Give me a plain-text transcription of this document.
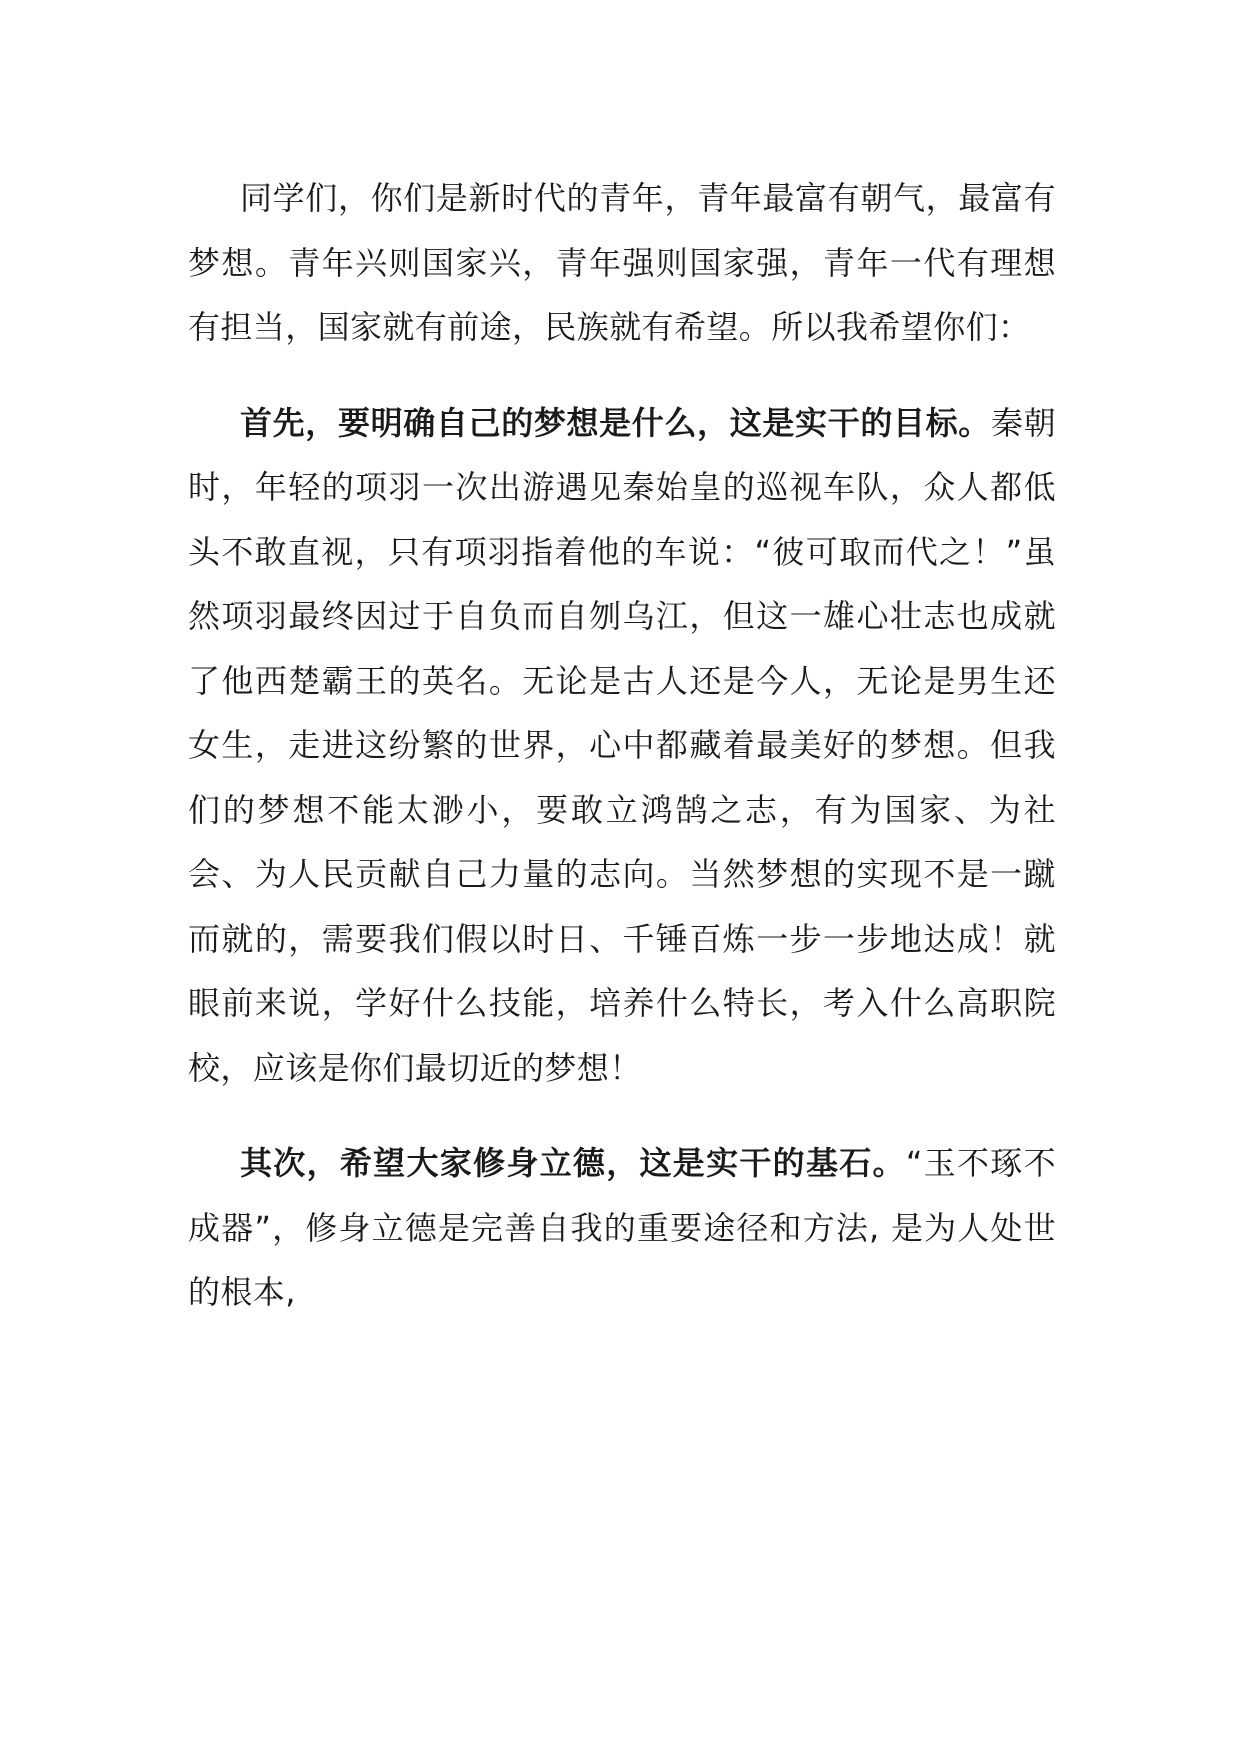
同学们，你们是新时代的青年，青年最富有朝气，最富有梦想。青年兴则国家兴，青年强则国家强，青年一代有理想有担当，国家就有前途，民族就有希望。所以我希望你们：

首先，要明确自己的梦想是什么，这是实干的目标。秦朝时，年轻的项羽一次出游遇见秦始皇的巡视车队，众人都低头不敢直视，只有项羽指着他的车说：“彼可取而代之！”虽然项羽最终因过于自负而自刎乌江，但这一雄心壮志也成就了他西楚霸王的英名。无论是古人还是今人，无论是男生还女生，走进这纷繁的世界，心中都藏着最美好的梦想。但我们的梦想不能太渺小，要敢立鸿鹄之志，有为国家、为社会、为人民贡献自己力量的志向。当然梦想的实现不是一蹴而就的，需要我们假以时日、千锤百炼一步一步地达成！就眼前来说，学好什么技能，培养什么特长，考入什么高职院校，应该是你们最切近的梦想！

其次，希望大家修身立德，这是实干的基石。“玉不琢不成器”，修身立德是完善自我的重要途径和方法, 是为人处世的根本,
